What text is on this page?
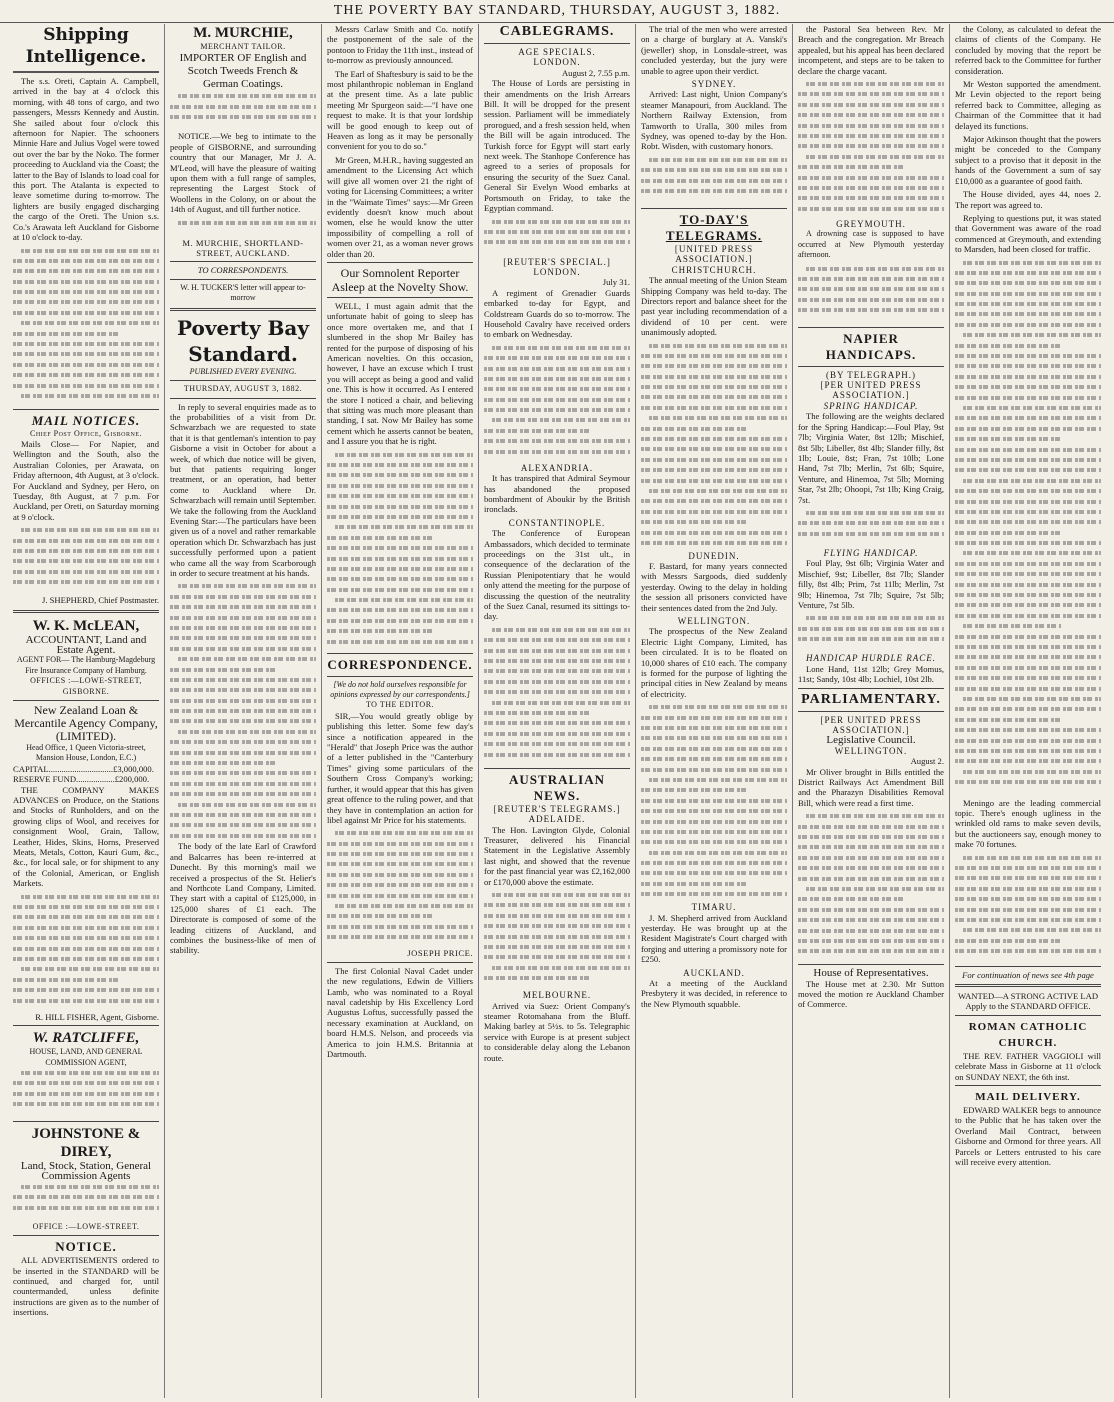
THE POVERTY BAY STANDARD, THURSDAY, AUGUST 3, 1882.
Shipping Intelligence.

The s.s. Oreti, Captain A. Campbell, arrived in the bay at 4 o'clock this morning, with 48 tons of cargo, and two passengers, Messrs Kennedy and Austin. She sailed about four o'clock this afternoon for Napier. The schooners Minnie Hare and Julius Vogel were towed out over the bar by the Noko. The former proceeding to Auckland via the Coast; the latter to the Bay of Islands to load coal for this port. The Atalanta is expected to leave sometime during to-morrow. The lighters are busily engaged discharging the cargo of the Oreti. The Union s.s. Co.'s Arawata left Auckland for Gisborne at 10 o'clock to-day.

MAIL NOTICES.
Chief Post Office, Gisborne.

Mails Close— For Napier, and Wellington and the South, also the Australian Colonies, per Arawata, on Friday afternoon, 4th August, at 3 o'clock. For Auckland and Sydney, per Hero, on Tuesday, 8th August, at 7 p.m. For Auckland, per Oreti, on Saturday morning at 9 o'clock.

J. SHEPHERD, Chief Postmaster.
W. K. McLEAN,
ACCOUNTANT, Land and Estate Agent.
AGENT FOR— The Hamburg-Magdeburg Fire Insurance Company of Hamburg.
OFFICES :—LOWE-STREET, GISBORNE.
New Zealand Loan & Mercantile Agency Company, (LIMITED).
Head Office, 1 Queen Victoria-street, Mansion House, London, E.C.)
CAPITAL..............................£3,000,000.
RESERVE FUND..................£200,000.

THE COMPANY MAKES ADVANCES on Produce, on the Stations and Stocks of Runholders, and on the growing clips of Wool, and receives for consignment Wool, Grain, Tallow, Leather, Hides, Skins, Horns, Preserved Meats, Metals, Cotton, Kauri Gum, &c., &c., for local sale, or for shipment to any of the Colonial, American, or English Markets.

R. HILL FISHER, Agent, Gisborne.
W. RATCLIFFE,
HOUSE, LAND, AND GENERAL COMMISSION AGENT,
JOHNSTONE & DIREY,
Land, Stock, Station, General Commission Agents
OFFICE :—LOWE-STREET.
NOTICE.

ALL ADVERTISEMENTS ordered to be inserted in the STANDARD will be continued, and charged for, until countermanded, unless definite instructions are given as to the number of insertions.

M. MURCHIE,
MERCHANT TAILOR.
IMPORTER OF English and Scotch Tweeds French & German Coatings.

NOTICE.—We beg to intimate to the people of GISBORNE, and surrounding country that our Manager, Mr J. A. M'Leod, will have the pleasure of waiting upon them with a full range of samples, representing the Largest Stock of Woollens in the Colony, on or about the 14th of August, and till further notice.

M. MURCHIE, SHORTLAND-STREET, AUCKLAND.
TO CORRESPONDENTS.
W. H. TUCKER'S letter will appear to-morrow
Poverty Bay Standard.
PUBLISHED EVERY EVENING.
THURSDAY, AUGUST 3, 1882.

In reply to several enquiries made as to the probabilities of a visit from Dr. Schwarzbach we are requested to state that it is that gentleman's intention to pay Gisborne a visit in October for about a week, of which due notice will be given, but that patients requiring longer treatment, or an operation, had better come to Auckland where Dr. Schwarzbach will remain until September. We take the following from the Auckland Evening Star:—The particulars have been given us of a novel and rather remarkable operation which Dr. Schwarzbach has just successfully performed upon a patient who came all the way from Scarborough in order to secure treatment at his hands.

The body of the late Earl of Crawford and Balcarres has been re-interred at Dunecht. By this morning's mail we received a prospectus of the St. Helier's and Northcote Land Company, Limited. They start with a capital of £125,000, in 125,000 shares of £1 each. The Directorate is composed of some of the leading citizens of Auckland, and combines the business-like of men of stability.

Messrs Carlaw Smith and Co. notify the postponement of the sale of the pontoon to Friday the 11th inst., instead of to-morrow as previously announced.

The Earl of Shaftesbury is said to be the most philanthropic nobleman in England at the present time. As a late public meeting Mr Spurgeon said:—"I have one request to make. It is that your lordship will be good enough to keep out of Heaven as long as it may be personally convenient for you to do so."

Mr Green, M.H.R., having suggested an amendment to the Licensing Act which will give all women over 21 the right of voting for Licensing Committees; a writer in the "Waimate Times" says:—Mr Green evidently doesn't know much about women, else he would know the utter impossibility of compelling a roll of women over 21, as a woman never grows older than 20.

Our Somnolent Reporter Asleep at the Novelty Show.

WELL, I must again admit that the unfortunate habit of going to sleep has once more overtaken me, and that I slumbered in the shop Mr Bailey has rented for the purpose of disposing of his American novelties. On this occasion, however, I have an excuse which I trust you will accept as being a good and valid one. This is how it occurred. As I entered the store I noticed a chair, and believing that sitting was much more pleasant than standing, I sat. Now Mr Bailey has some cement which he asserts cannot be beaten, and I assure you that he is right.

CORRESPONDENCE.
[We do not hold ourselves responsible for opinions expressed by our correspondents.]
TO THE EDITOR.

SIR,—You would greatly oblige by publishing this letter. Some few day's since a notification appeared in the "Herald" that Joseph Price was the author of a letter published in the "Canterbury Times" giving some particulars of the Southern Cross Company's working; further, it would appear that this has given great offence to the ruling power, and that they have in contemplation an action for libel against Mr Price for his statements.

JOSEPH PRICE.

The first Colonial Naval Cadet under the new regulations, Edwin de Villiers Lamb, who was nominated to a Royal naval cadetship by His Excellency Lord Augustus Loftus, successfully passed the necessary examination at Auckland, on board H.M.S. Nelson, and proceeds via America to join H.M.S. Britannia at Dartmouth.

CABLEGRAMS.
AGE SPECIALS.
LONDON.
August 2, 7.55 p.m.

The House of Lords are persisting in their amendments on the Irish Arrears Bill. It will be dropped for the present session. Parliament will be immediately prorogued, and a fresh session held, when the Bill will be again introduced. The Turkish force for Egypt will start early next week. The Stanhope Conference has agreed to a series of proposals for ensuring the security of the Suez Canal. General Sir Evelyn Wood embarks at Portsmouth on Friday, to take the Egyptian command.

[REUTER'S SPECIAL.]
LONDON.
July 31.

A regiment of Grenadier Guards embarked to-day for Egypt, and Coldstream Guards do so to-morrow. The Household Cavalry have received orders to embark on Wednesday.

ALEXANDRIA.

It has transpired that Admiral Seymour has abandoned the proposed bombardment of Aboukir by the British ironclads.

CONSTANTINOPLE.

The Conference of European Ambassadors, which decided to terminate proceedings on the 31st ult., in consequence of the declaration of the Russian Plenipotentiary that he would only attend the meeting for the purpose of discussing the question of the neutrality of the Suez Canal, resumed its sittings to-day.

AUSTRALIAN NEWS.
[REUTER'S TELEGRAMS.]
ADELAIDE.

The Hon. Lavington Glyde, Colonial Treasurer, delivered his Financial Statement in the Legislative Assembly last night, and showed that the revenue for the past financial year was £2,162,000 or £170,000 above the estimate.

MELBOURNE.

Arrived via Suez: Orient Company's steamer Rotomahana from the Bluff. Making barley at 5½s. to 5s. Telegraphic service with Europe is at present subject to considerable delay along the Lebanon route.

The trial of the men who were arrested on a charge of burglary at A. Vanski's (jeweller) shop, in Lonsdale-street, was concluded yesterday, but the jury were unable to agree upon their verdict.

SYDNEY.

Arrived: Last night, Union Company's steamer Manapouri, from Auckland. The Northern Railway Extension, from Tamworth to Uralla, 300 miles from Sydney, was opened to-day by the Hon. Robt. Wisden, with customary honors.

TO-DAY'S TELEGRAMS.
[UNITED PRESS ASSOCIATION.]
CHRISTCHURCH.

The annual meeting of the Union Steam Shipping Company was held to-day. The Directors report and balance sheet for the past year including recommendation of a dividend of 10 per cent. were unanimously adopted.

DUNEDIN.

F. Bastard, for many years connected with Messrs Sargoods, died suddenly yesterday. Owing to the delay in holding the session all prisoners convicted have their sentences dated from the 2nd July.

WELLINGTON.

The prospectus of the New Zealand Electric Light Company, Limited, has been circulated. It is to be floated on 10,000 shares of £10 each. The company is formed for the purpose of lighting the principal cities in New Zealand by means of electricity.

TIMARU.

J. M. Shepherd arrived from Auckland yesterday. He was brought up at the Resident Magistrate's Court charged with forging and uttering a promissory note for £250.

AUCKLAND.

At a meeting of the Auckland Presbytery it was decided, in reference to the New Plymouth squabble.

the Pastoral Sea between Rev. Mr Breach and the congregation. Mr Breach appealed, but his appeal has been declared incompetent, and steps are to be taken to declare the charge vacant.

GREYMOUTH.

A drowning case is supposed to have occurred at New Plymouth yesterday afternoon.

NAPIER HANDICAPS.
(BY TELEGRAPH.)
[PER UNITED PRESS ASSOCIATION.]
SPRING HANDICAP.

The following are the weights declared for the Spring Handicap:—Foul Play, 9st 7lb; Virginia Water, 8st 12lb; Mischief, 8st 5lb; Libeller, 8st 4lb; Slander filly, 8st 1lb; Louie, 8st; Fran, 7st 10lb; Lone Hand, 7st 7lb; Merlin, 7st 6lb; Squire, Venture, and Hinemoa, 7st 5lb; Morning Star, 7st 2lb; Ohoopi, 7st 1lb; King Craig, 7st.

FLYING HANDICAP.

Foul Play, 9st 6lb; Virginia Water and Mischief, 9st; Libeller, 8st 7lb; Slander filly, 8st 4lb; Prim, 7st 11lb; Merlin, 7st 9lb; Hinemoa, 7st 7lb; Squire, 7st 5lb; Venture, 7st 5lb.

HANDICAP HURDLE RACE.

Lone Hand, 11st 12lb; Grey Momus, 11st; Sandy, 10st 4lb; Lochiel, 10st 2lb.

PARLIAMENTARY.
[PER UNITED PRESS ASSOCIATION.]
Legislative Council.
WELLINGTON.
August 2.

Mr Oliver brought in Bills entitled the District Railways Act Amendment Bill and the Pharazyn Disabilities Removal Bill, which were read a first time.

House of Representatives.

The House met at 2.30. Mr Sutton moved the motion re Auckland Chamber of Commerce.

the Colony, as calculated to defeat the claims of clients of the Company. He concluded by moving that the report be referred back to the Committee for further consideration.

Mr Weston supported the amendment. Mr Levin objected to the report being referred back to Committee, alleging as Chairman of the Committee that it had delayed its functions.

Major Atkinson thought that the powers might be conceded to the Company subject to a proviso that it deposit in the hands of the Government a sum of say £10,000 as a guarantee of good faith.

The House divided, ayes 44, noes 2. The report was agreed to.

Replying to questions put, it was stated that Government was aware of the road commenced at Greymouth, and extending to Marsden, had been closed for traffic.

Meningo are the leading commercial topic. There's enough ugliness in the wrinkled old rams to make seven devils, but the auctioneers say, enough money to make 70 fortunes.

For continuation of news see 4th page
WANTED—A STRONG ACTIVE LAD Apply to the STANDARD OFFICE.
ROMAN CATHOLIC CHURCH.

THE REV. FATHER VAGGIOLI will celebrate Mass in Gisborne at 11 o'clock on SUNDAY NEXT, the 6th inst.

MAIL DELIVERY.

EDWARD WALKER begs to announce to the Public that he has taken over the Overland Mail Contract, between Gisborne and Ormond for three years. All Parcels or Letters entrusted to his care will receive every attention.
